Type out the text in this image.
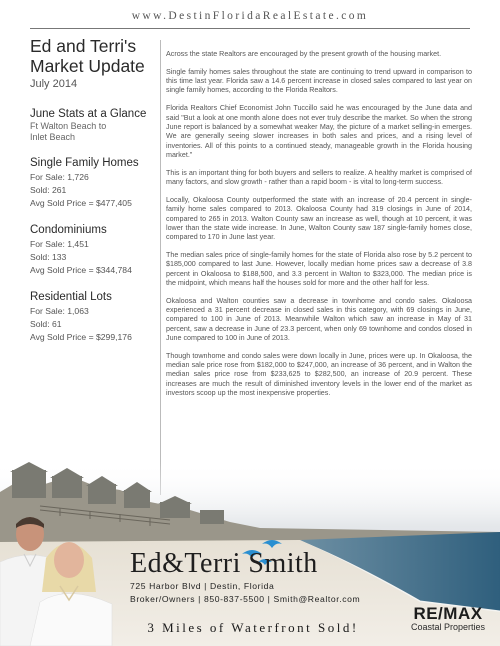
www.DestinFloridaRealEstate.com
Ed and Terri's
Market Update
July 2014
June Stats at a Glance
Ft Walton Beach to
Inlet Beach
Single Family Homes
For Sale: 1,726
Sold: 261
Avg Sold Price = $477,405
Condominiums
For Sale: 1,451
Sold: 133
Avg Sold Price = $344,784
Residential Lots
For Sale: 1,063
Sold: 61
Avg Sold Price = $299,176

Across the state Realtors are encouraged by the present growth of the housing market.

Single family homes sales throughout the state are continuing to trend upward in comparison to this time last year. Florida saw a 14.6 percent increase in closed sales compared to last year on single family homes, according to the Florida Realtors.

Florida Realtors Chief Economist John Tuccillo said he was encouraged by the June data and said "But a look at one month alone does not ever truly describe the market. So when the strong June report is balanced by a somewhat weaker May, the picture of a market selling-in emerges. We are generally seeing slower increases in both sales and prices, and a rising level of inventories. All of this points to a continued steady, manageable growth in the Florida housing market."

This is an important thing for both buyers and sellers to realize. A healthy market is comprised of many factors, and slow growth - rather than a rapid boom - is vital to long-term success.

Locally, Okaloosa County outperformed the state with an increase of 20.4 percent in single-family home sales compared to 2013. Okaloosa County had 319 closings in June of 2014, compared to 265 in 2013. Walton County saw an increase as well, though at 10 percent, it was lower than the state wide increase. In June, Walton County saw 187 single-family homes close, compared to 170 in June last year.

The median sales price of single-family homes for the state of Florida also rose by 5.2 percent to $185,000 compared to last June. However, locally median home prices saw a decrease of 3.8 percent in Okaloosa to $188,500, and 3.3 percent in Walton to $323,000. The median price is the midpoint, which means half the houses sold for more and the other half for less.

Okaloosa and Walton counties saw a decrease in townhome and condo sales. Okaloosa experienced a 31 percent decrease in closed sales in this category, with 69 closings in June, compared to 100 in June of 2013. Meanwhile Walton which saw an increase in May of 31 percent, saw a decrease in June of 23.3 percent, when only 69 townhome and condos closed in June compared to 100 in June of 2013.

Though townhome and condo sales were down locally in June, prices were up. In Okaloosa, the median sale price rose from $182,000 to $247,000, an increase of 36 percent, and in Walton the median sales price rose from $233,625 to $282,500, an increase of 20.9 percent. These increases are much the result of diminished inventory levels in the lower end of the market as investors scoop up the most inexpensive properties.

Ed&Terri Smith
725 Harbor Blvd | Destin, Florida
Broker/Owners | 850-837-5500 | Smith@Realtor.com
3 Miles of Waterfront Sold!
RE/MAX
Coastal Properties
